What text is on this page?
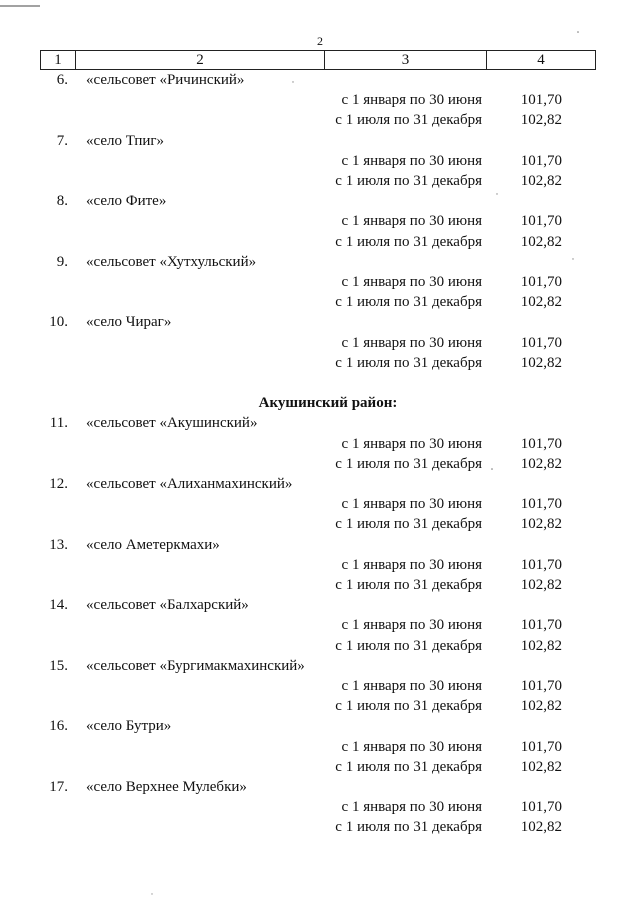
2
1	2	3	4
6. «сельсовет «Ричинский»
с 1 января по 30 июня	101,70
с 1 июля по 31 декабря	102,82
7. «село Тпиг»
с 1 января по 30 июня	101,70
с 1 июля по 31 декабря	102,82
8. «село Фите»
с 1 января по 30 июня	101,70
с 1 июля по 31 декабря	102,82
9. «сельсовет «Хутхульский»
с 1 января по 30 июня	101,70
с 1 июля по 31 декабря	102,82
10. «село Чираг»
с 1 января по 30 июня	101,70
с 1 июля по 31 декабря	102,82
Акушинский район:
11. «сельсовет «Акушинский»
с 1 января по 30 июня	101,70
с 1 июля по 31 декабря	102,82
12. «сельсовет «Алиханмахинский»
с 1 января по 30 июня	101,70
с 1 июля по 31 декабря	102,82
13. «село Аметеркмахи»
с 1 января по 30 июня	101,70
с 1 июля по 31 декабря	102,82
14. «сельсовет «Балхарский»
с 1 января по 30 июня	101,70
с 1 июля по 31 декабря	102,82
15. «сельсовет «Бургимакмахинский»
с 1 января по 30 июня	101,70
с 1 июля по 31 декабря	102,82
16. «село Бутри»
с 1 января по 30 июня	101,70
с 1 июля по 31 декабря	102,82
17. «село Верхнее Мулебки»
с 1 января по 30 июня	101,70
с 1 июля по 31 декабря	102,82
